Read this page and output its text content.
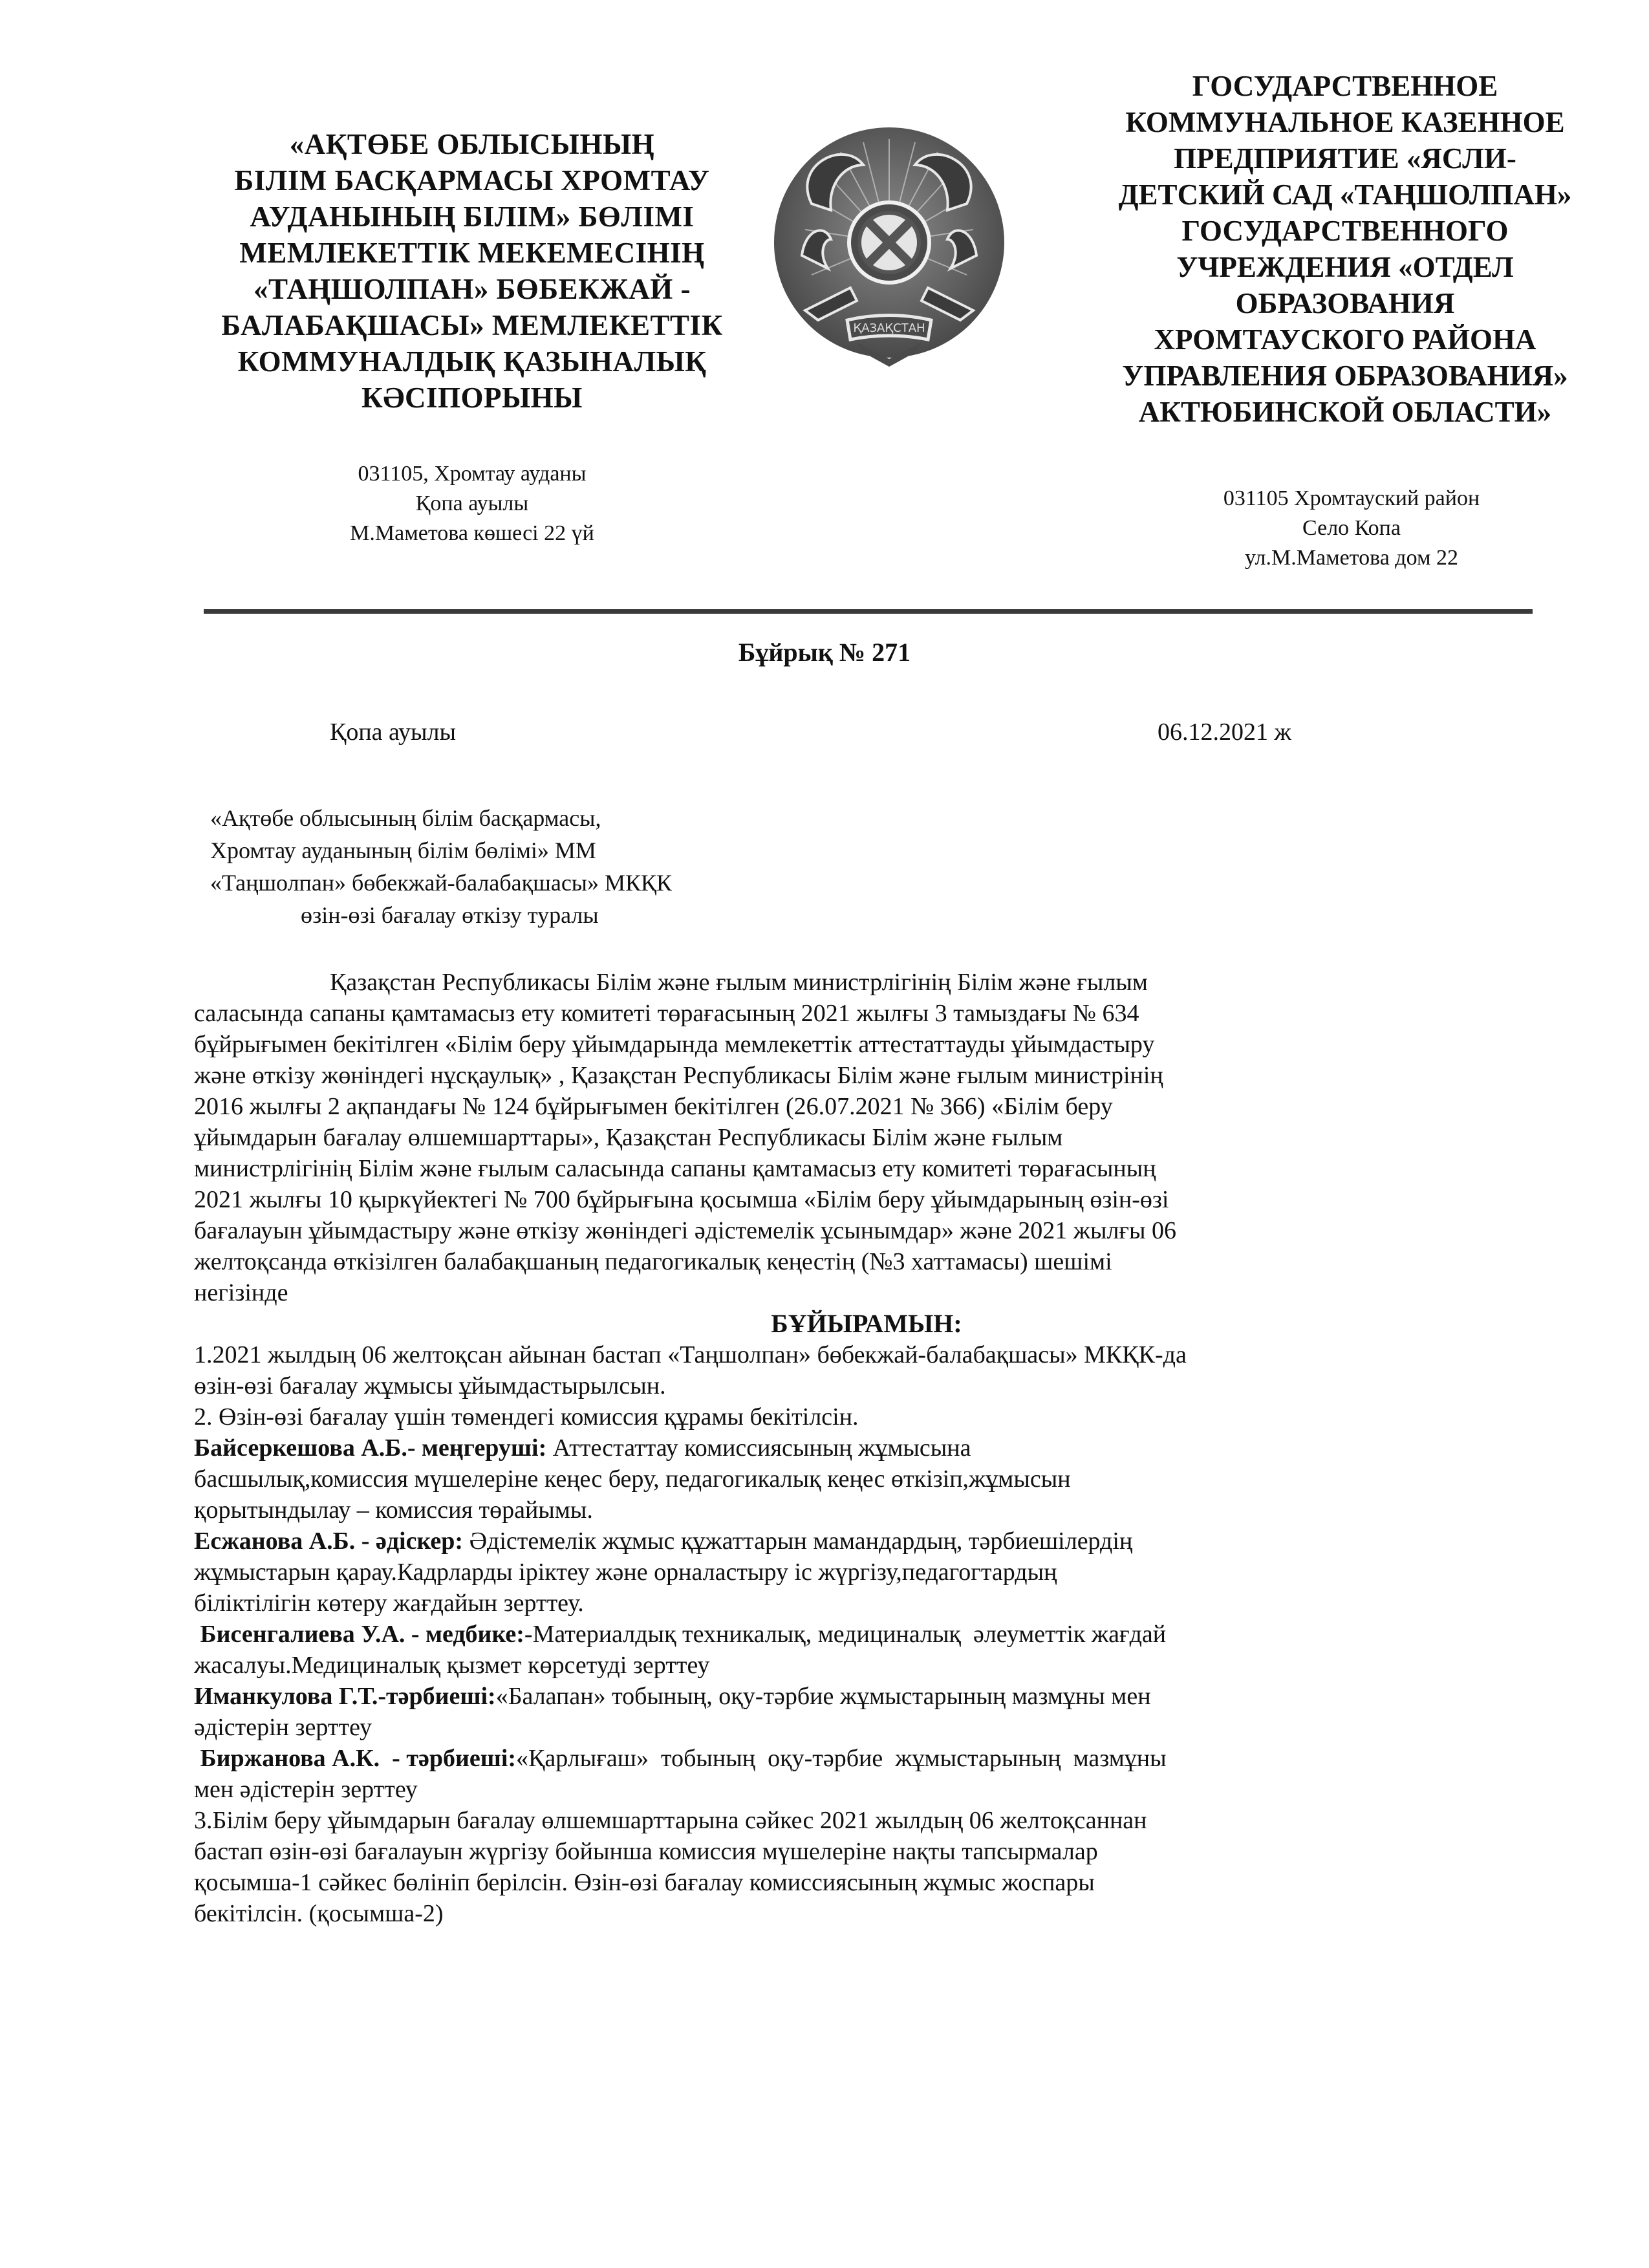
«АҚТӨБЕ ОБЛЫСЫНЫҢ
БІЛІМ БАСҚАРМАСЫ ХРОМТАУ
АУДАНЫНЫҢ БІЛІМ» БӨЛІМІ
МЕМЛЕКЕТТІК МЕКЕМЕСІНІҢ
«ТАҢШОЛПАН» БӨБЕКЖАЙ -
БАЛАБАҚШАСЫ» МЕМЛЕКЕТТІК
КОММУНАЛДЫҚ ҚАЗЫНАЛЫҚ
КӘСІПОРЫНЫ
031105, Хромтау ауданы
Қопа ауылы
М.Маметова көшесі 22 үй
ҚАЗАҚСТАН
ГОСУДАРСТВЕННОЕ
КОММУНАЛЬНОЕ КАЗЕННОЕ
ПРЕДПРИЯТИЕ «ЯСЛИ-
ДЕТСКИЙ САД «ТАҢШОЛПАН»
ГОСУДАРСТВЕННОГО
УЧРЕЖДЕНИЯ «ОТДЕЛ
ОБРАЗОВАНИЯ
ХРОМТАУСКОГО РАЙОНА
УПРАВЛЕНИЯ ОБРАЗОВАНИЯ»
АКТЮБИНСКОЙ ОБЛАСТИ»
031105 Хромтауский район
Село Копа
ул.М.Маметова дом 22
Бұйрық № 271
Қопа ауылы	06.12.2021 ж
«Ақтөбе облысының білім басқармасы,
Хромтау ауданының білім бөлімі» ММ
«Таңшолпан» бөбекжай-балабақшасы» МКҚК
өзін-өзі бағалау өткізу туралы
Қазақстан Республикасы Білім және ғылым министрлігінің Білім және ғылым
саласында сапаны қамтамасыз ету комитеті төрағасының 2021 жылғы 3 тамыздағы № 634
бұйрығымен бекітілген «Білім беру ұйымдарында мемлекеттік аттестаттауды ұйымдастыру
және өткізу жөніндегі нұсқаулық» , Қазақстан Республикасы Білім және ғылым министрінің
2016 жылғы 2 ақпандағы № 124 бұйрығымен бекітілген (26.07.2021 № 366) «Білім беру
ұйымдарын бағалау өлшемшарттары», Қазақстан Республикасы Білім және ғылым
министрлігінің Білім және ғылым саласында сапаны қамтамасыз ету комитеті төрағасының
2021 жылғы 10 қыркүйектегі № 700 бұйрығына қосымша «Білім беру ұйымдарының өзін-өзі
бағалауын ұйымдастыру және өткізу жөніндегі әдістемелік ұсынымдар» және 2021 жылғы 06
желтоқсанда өткізілген балабақшаның педагогикалық кеңестің (№3 хаттамасы) шешімі
негізінде

БҰЙЫРАМЫН:

1.2021 жылдың 06 желтоқсан айынан бастап «Таңшолпан» бөбекжай-балабақшасы» МКҚК-да
өзін-өзі бағалау жұмысы ұйымдастырылсын.
2. Өзін-өзі бағалау үшін төмендегі комиссия құрамы бекітілсін.
Байсеркешова А.Б.- меңгеруші: Аттестаттау комиссиясының жұмысына
басшылық,комиссия мүшелеріне кеңес беру, педагогикалық кеңес өткізіп,жұмысын
қорытындылау – комиссия төрайымы.
Есжанова А.Б. - әдіскер: Әдістемелік жұмыс құжаттарын мамандардың, тәрбиешілердің
жұмыстарын қарау.Кадрларды іріктеу және орналастыру іс жүргізу,педагогтардың
біліктілігін көтеру жағдайын зерттеу.
Бисенгалиева У.А. - медбике:-Материалдық техникалық, медициналық  әлеуметтік жағдай
жасалуы.Медициналық қызмет көрсетуді зерттеу
Иманкулова Г.Т.-тәрбиеші:«Балапан» тобының, оқу-тәрбие жұмыстарының мазмұны мен
әдістерін зерттеу
Биржанова А.К.  - тәрбиеші:«Қарлығаш»  тобының  оқу-тәрбие  жұмыстарының  мазмұны
мен әдістерін зерттеу
3.Білім беру ұйымдарын бағалау өлшемшарттарына сәйкес 2021 жылдың 06 желтоқсаннан
бастап өзін-өзі бағалауын жүргізу бойынша комиссия мүшелеріне нақты тапсырмалар
қосымша-1 сәйкес бөлініп берілсін. Өзін-өзі бағалау комиссиясының жұмыс жоспары
бекітілсін. (қосымша-2)
